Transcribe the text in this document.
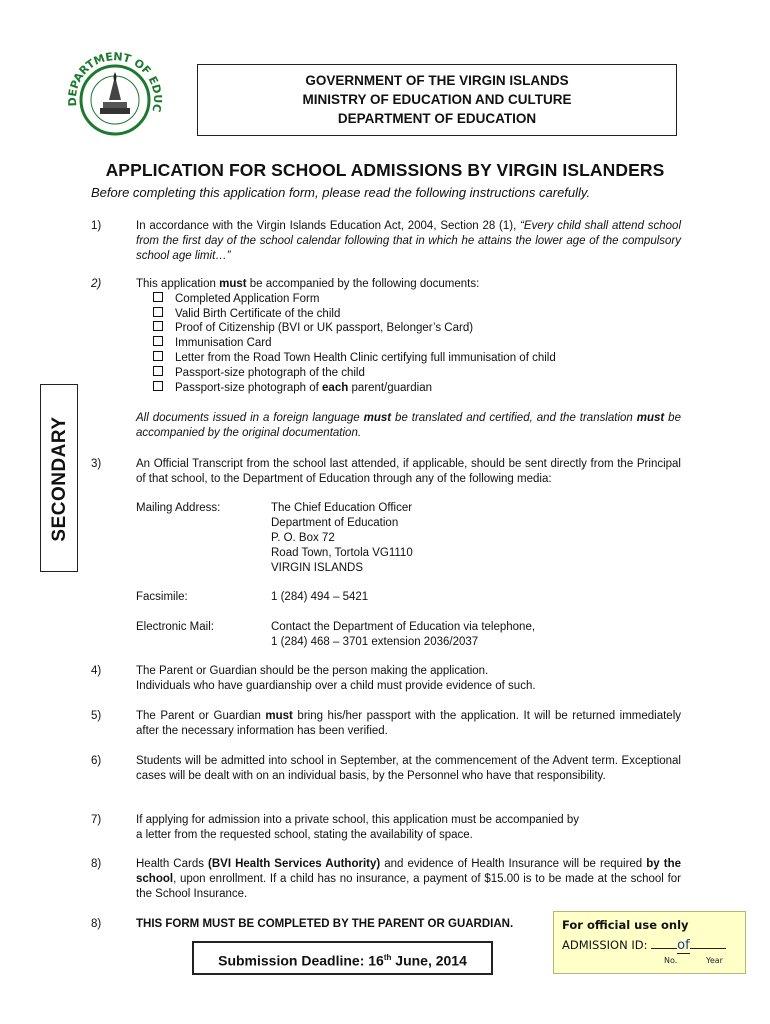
DEPARTMENT OF EDUC
GOVERNMENT OF THE VIRGIN ISLANDS
MINISTRY OF EDUCATION AND CULTURE
DEPARTMENT OF EDUCATION
APPLICATION FOR SCHOOL ADMISSIONS BY VIRGIN ISLANDERS
Before completing this application form, please read the following instructions carefully.
SECONDARY
1)	In accordance with the Virgin Islands Education Act, 2004, Section 28 (1), “Every child shall attend school from the first day of the school calendar following that in which he attains the lower age of the compulsory school age limit…”
2)	This application must be accompanied by the following documents:
Completed Application Form
Valid Birth Certificate of the child
Proof of Citizenship (BVI or UK passport, Belonger’s Card)
Immunisation Card
Letter from the Road Town Health Clinic certifying full immunisation of child
Passport-size photograph of the child
Passport-size photograph of each parent/guardian
All documents issued in a foreign language must be translated and certified, and the translation must be accompanied by the original documentation.
3)	An Official Transcript from the school last attended, if applicable, should be sent directly from the Principal of that school, to the Department of Education through any of the following media:
Mailing Address:	The Chief Education Officer
Department of Education
P. O. Box 72
Road Town, Tortola VG1110
VIRGIN ISLANDS
Facsimile:	1 (284) 494 – 5421
Electronic Mail:	Contact the Department of Education via telephone,
1 (284) 468 – 3701 extension 2036/2037
4)	The Parent or Guardian should be the person making the application.
Individuals who have guardianship over a child must provide evidence of such.
5)	The Parent or Guardian must bring his/her passport with the application. It will be returned immediately after the necessary information has been verified.
6)	Students will be admitted into school in September, at the commencement of the Advent term. Exceptional cases will be dealt with on an individual basis, by the Personnel who have that responsibility.
7)	If applying for admission into a private school, this application must be accompanied by
a letter from the requested school, stating the availability of space.
8)	Health Cards (BVI Health Services Authority) and evidence of Health Insurance will be required by the school, upon enrollment. If a child has no insurance, a payment of $15.00 is to be made at the school for the School Insurance.
8)	THIS FORM MUST BE COMPLETED BY THE PARENT OR GUARDIAN.
Submission Deadline: 16th June, 2014
For official use only
ADMISSION ID: of
No.	Year
